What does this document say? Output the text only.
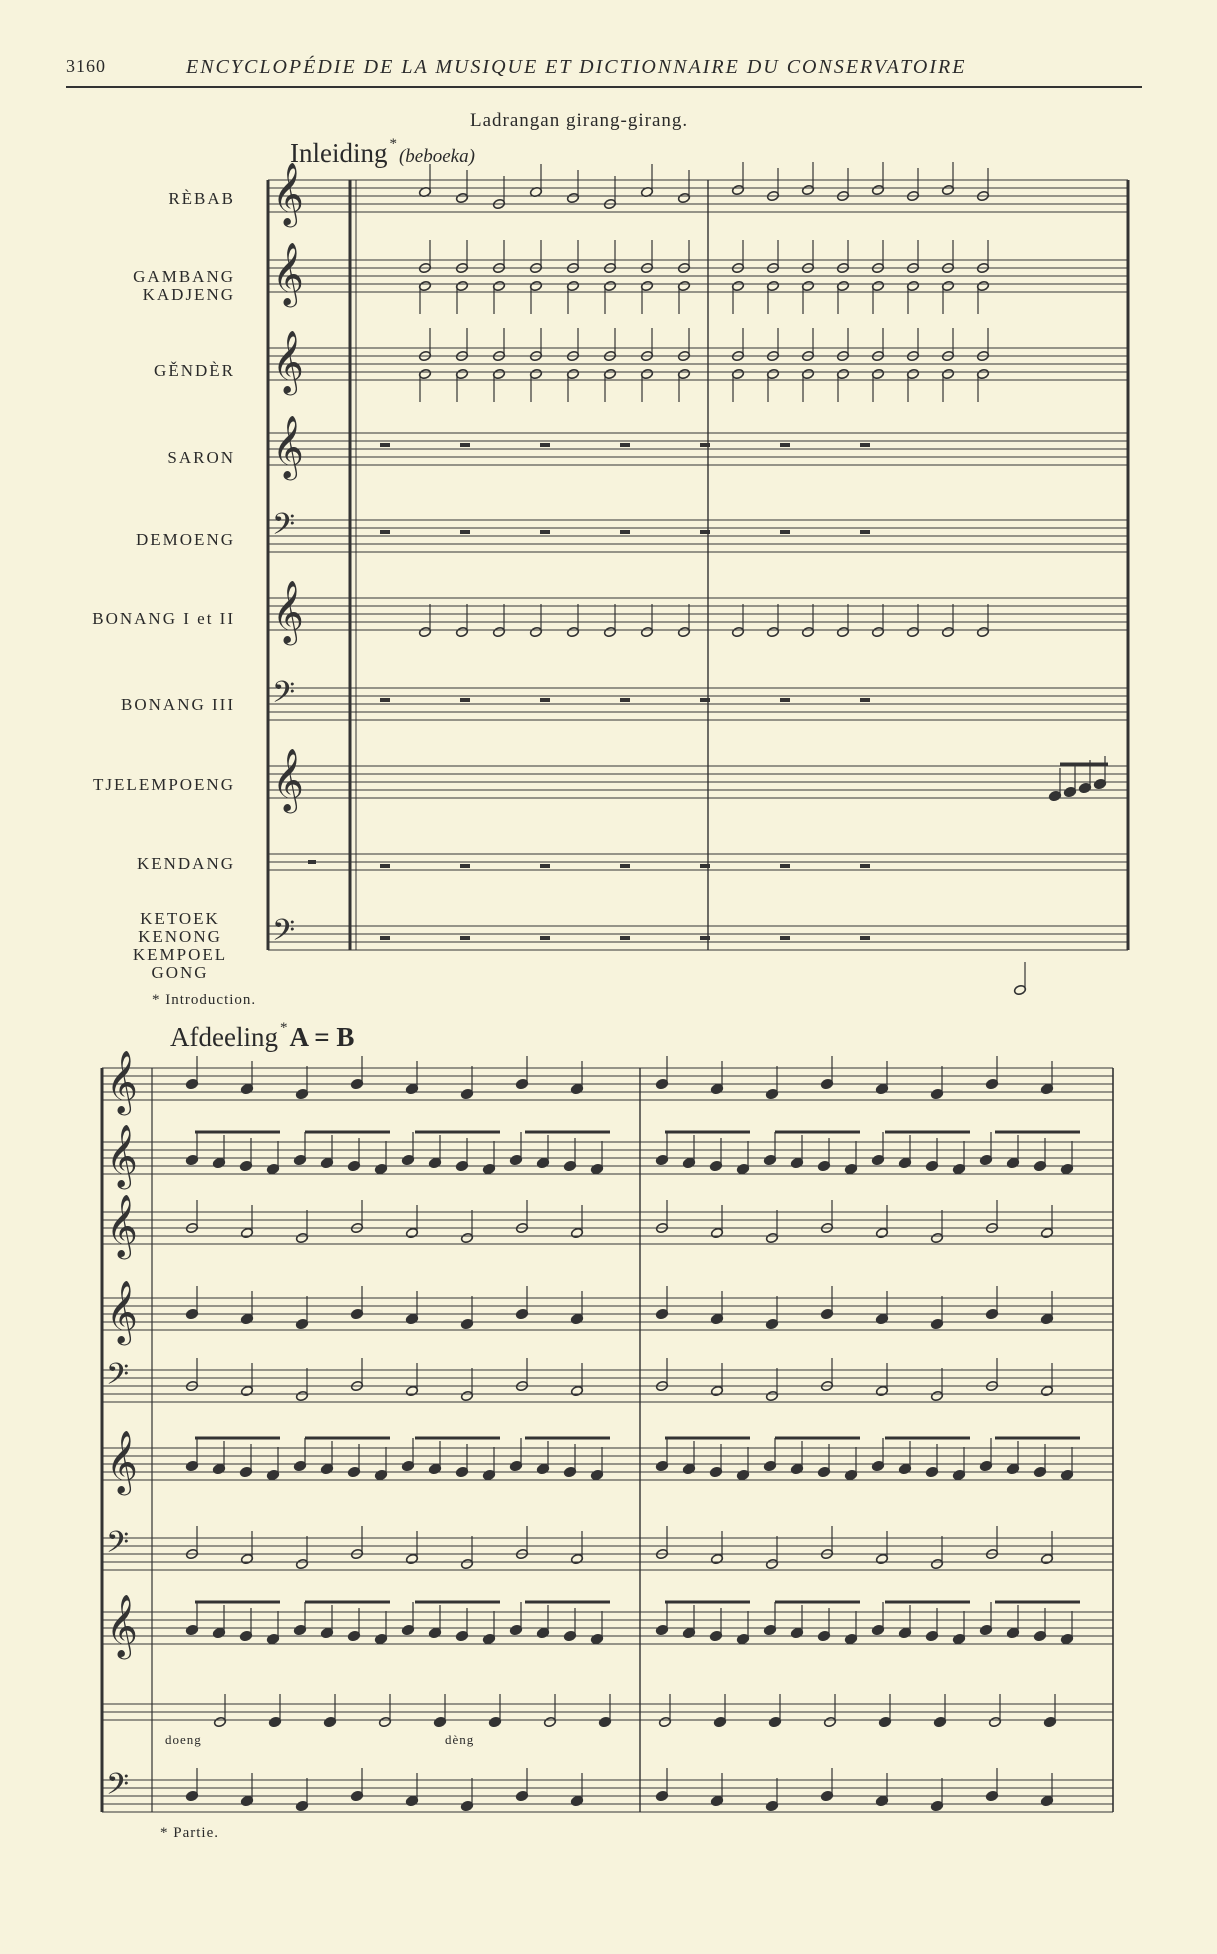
3160	ENCYCLOPÉDIE DE LA MUSIQUE ET DICTIONNAIRE DU CONSERVATOIRE
Ladrangan girang-girang.
Inleiding *(beboeka)
RÈBAB
GAMBANG KADJENG
GĚNDÈR
SARON
DEMOENG
BONANG I et II
BONANG III
TJELEMPOENG
KENDANG
KETOEK KENONG KEMPOEL GONG
* Introduction.
Afdeeling *A = B
doeng	dèng
* Partie.
𝄞
𝄞
𝄞
𝄞
𝄢
𝄞
𝄢
𝄞
𝄢
𝄞
𝄞
𝄞
𝄞
𝄢
𝄞
𝄢
𝄞
𝄢
